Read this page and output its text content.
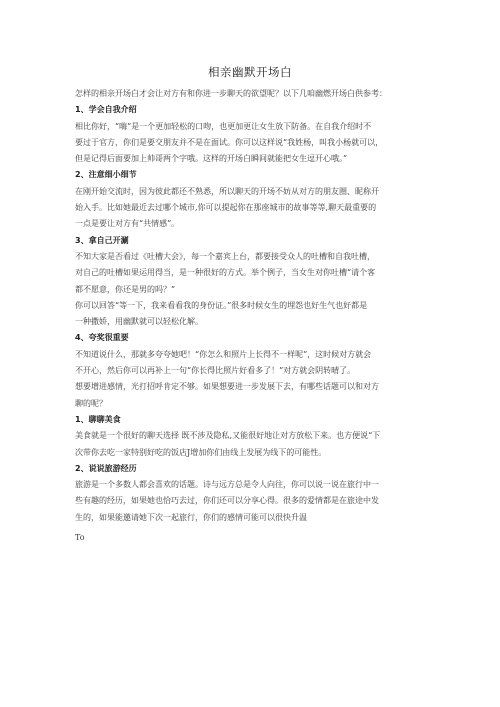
相亲幽默开场白
怎样的相亲开场白才会让对方有和你进一步聊天的欲望呢？以下几咱幽燃开场白供参考：
1、学会自我介绍
相比你好，“嗨”是一个更加轻松的口吻，也更加更让女生放下防备。在自我介绍时不
要过于官方，你们是要交朋友并不是在面试。你可以这样说“我姓杨，叫我小杨就可以，
但是记得后面要加上帅哥两个字哦。这样的开场白瞬间就能把女生逗开心哦。”
2、注意细小细节
在刚开始交流时，因为彼此都还不熟悉，所以聊天的开场不妨从对方的朋友圈、昵称开
始入手。比如她最近去过哪个城市,你可以提起你在那座城市的故事等等,聊天最重要的
一点是要让对方有“共情感”。
3、拿自己开涮
不知大家是否看过《吐槽大会》，每一个嘉宾上台，都要接受众人的吐槽和自我吐槽，
对自己的吐槽如果运用得当，是一种很好的方式。举个例子，当女生对你吐槽“请个客
都不愿意，你还是男的吗？”
你可以回答“等一下，我来看看我的身份证。”很多时候女生的埋怨也好生气也好都是
一种撒娇，用幽默就可以轻松化解。
4、夸奖很重要
不知道说什么，那就多夸夸她吧！“你怎么和照片上长得不一样呢”，这时候对方就会
不开心，然后你可以再补上一句“你长得比照片好看多了！”对方就会阴转晴了。
想要增进感情，光打招呼肯定不够。如果想要进一步发展下去，有哪些话题可以和对方
聊的呢？
1、聊聊美食
美食就是一个很好的聊天选择 既不涉及隐私,又能很好地让对方放松下来。也方便说“下
次带你去吃一家特别好吃的饭店J增加你们由线上发展为线下的可能性。
2、说说旅游经历
旅游是一个多数人都会喜欢的话题。诗与远方总是令人向往，你可以说一说在旅行中一
些有趣的经历，如果她也恰巧去过，你们还可以分享心得。很多的爱情都是在旅途中发
生的，如果能邀请她下次一起旅行，你们的感情可能可以很快升温
To
